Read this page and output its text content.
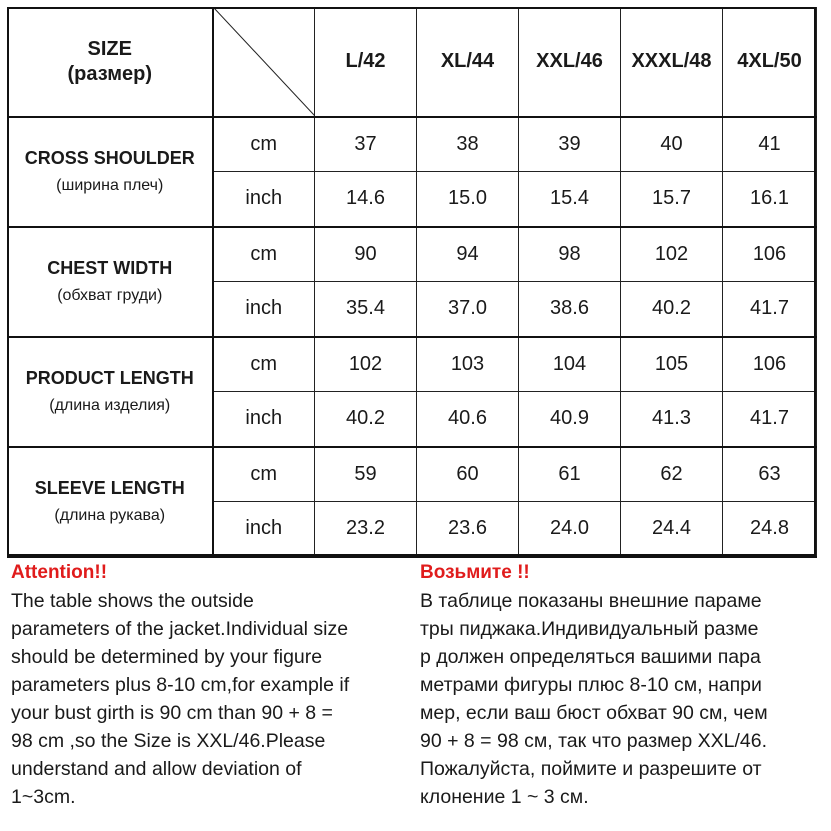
SIZE
(размер)		L/42	XL/44	XXL/46	XXXL/48	4XL/50

CROSS SHOULDER
(ширина плеч)	cm	37	38	39	40	41
	inch	14.6	15.0	15.4	15.7	16.1

CHEST WIDTH
(обхват груди)	cm	90	94	98	102	106
	inch	35.4	37.0	38.6	40.2	41.7

PRODUCT LENGTH
(длина изделия)	cm	102	103	104	105	106
	inch	40.2	40.6	40.9	41.3	41.7

SLEEVE LENGTH
(длина рукава)	cm	59	60	61	62	63
	inch	23.2	23.6	24.0	24.4	24.8
Attention!!
The table shows the outside
parameters of the jacket.Individual size
should be determined by your figure
parameters plus 8-10 cm,for example if
your bust girth is 90 cm than 90 + 8 =
98 cm ,so the Size is XXL/46.Please
understand and allow deviation of
1~3cm.
Возьмите !!
В таблице показаны внешние параме
тры пиджака.Индивидуальный разме
р должен определяться вашими пара
метрами фигуры плюс 8-10 см, напри
мер, если ваш бюст обхват 90 см, чем
90 + 8 = 98 см, так что размер XXL/46.
Пожалуйста, поймите и разрешите от
клонение 1 ~ 3 см.
